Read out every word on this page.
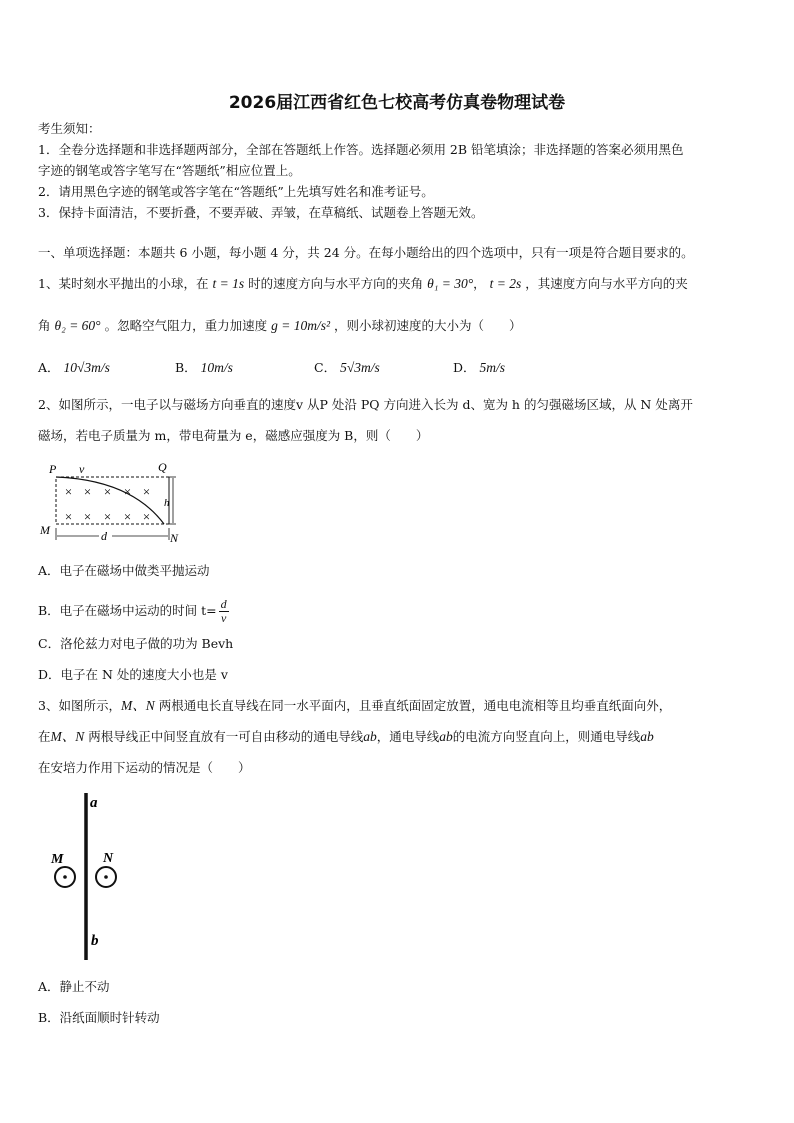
2026届江西省红色七校高考仿真卷物理试卷
考生须知：
1．全卷分选择题和非选择题两部分，全部在答题纸上作答。选择题必须用 2B 铅笔填涂；非选择题的答案必须用黑色
字迹的钢笔或答字笔写在“答题纸”相应位置上。
2．请用黑色字迹的钢笔或答字笔在“答题纸”上先填写姓名和准考证号。
3．保持卡面清洁，不要折叠，不要弄破、弄皱，在草稿纸、试题卷上答题无效。
一、单项选择题：本题共 6 小题，每小题 4 分，共 24 分。在每小题给出的四个选项中，只有一项是符合题目要求的。
1、某时刻水平抛出的小球，在 t = 1s 时的速度方向与水平方向的夹角 θ₁ = 30°， t = 2s ，其速度方向与水平方向的夹
角 θ₂ = 60° 。忽略空气阻力，重力加速度 g = 10m/s² ，则小球初速度的大小为（　　）
A． 10√3m/s	B． 10m/s	C． 5√3m/s	D． 5m/s
2、如图所示，一电子以与磁场方向垂直的速度v 从P 处沿 PQ 方向进入长为 d、宽为 h 的匀强磁场区域，从 N 处离开
磁场，若电子质量为 m，带电荷量为 e，磁感应强度为 B，则（　　）
P v	Q
M
N
h
d
× × × × ×
× × × × ×
A．电子在磁场中做类平抛运动
B．电子在磁场中运动的时间 $t= \frac{d}{v}$
C．洛伦兹力对电子做的功为 Bevh
D．电子在 N 处的速度大小也是 v
3、如图所示，M、N 两根通电长直导线在同一水平面内，且垂直纸面固定放置，通电电流相等且均垂直纸面向外，
在M、N 两根导线正中间竖直放有一可自由移动的通电导线ab，通电导线ab的电流方向竖直向上，则通电导线ab
在安培力作用下运动的情况是（　　）
a
b
M	N
A．静止不动
B．沿纸面顺时针转动
